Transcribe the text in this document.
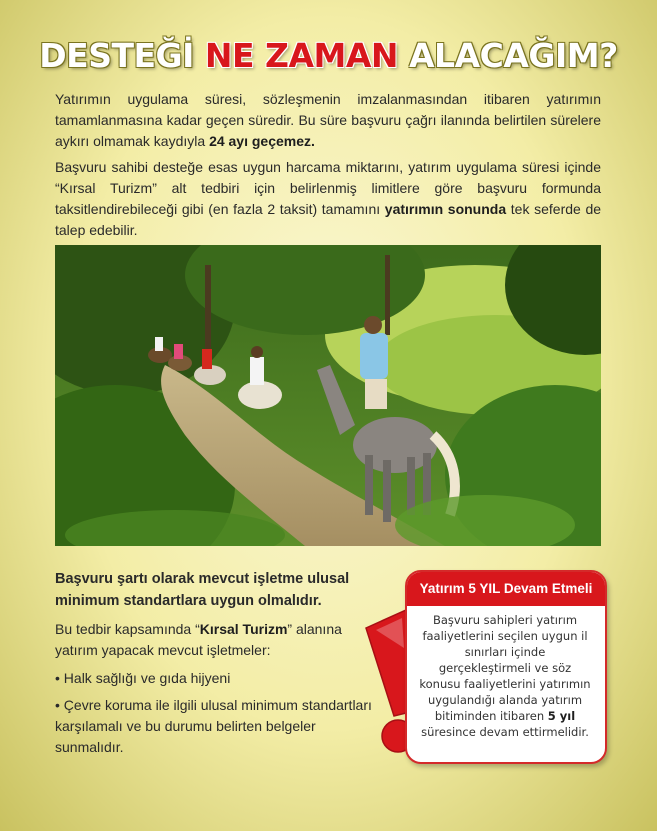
DESTEĞİ NE ZAMAN ALACAĞIM?
Yatırımın uygulama süresi, sözleşmenin imzalanmasından itibaren yatırımın tamamlanmasına kadar geçen süredir. Bu süre başvuru çağrı ilanında belirtilen sürelere aykırı olmamak kaydıyla 24 ayı geçemez.
Başvuru sahibi desteğe esas uygun harcama miktarını, yatırım uygulama süresi içinde “Kırsal Turizm” alt tedbiri için belirlenmiş limitlere göre başvuru formunda taksitlendirebileceği gibi (en fazla 2 taksit) tamamını yatırımın sonunda tek seferde de talep edebilir.
Başvuru şartı olarak mevcut işletme ulusal minimum standartlara uygun olmalıdır.
Bu tedbir kapsamında “Kırsal Turizm” alanına yatırım yapacak mevcut işletmeler:
• Halk sağlığı ve gıda hijyeni
• Çevre koruma ile ilgili ulusal minimum standartları karşılamalı ve bu durumu belirten belgeler sunmalıdır.
Yatırım 5 YIL Devam Etmeli
Başvuru sahipleri yatırım faaliyetlerini seçilen uygun il sınırları içinde gerçekleştirmeli ve söz konusu faaliyetlerini yatırımın uygulandığı alanda yatırım bitiminden itibaren 5 yıl süresince devam ettirmelidir.
